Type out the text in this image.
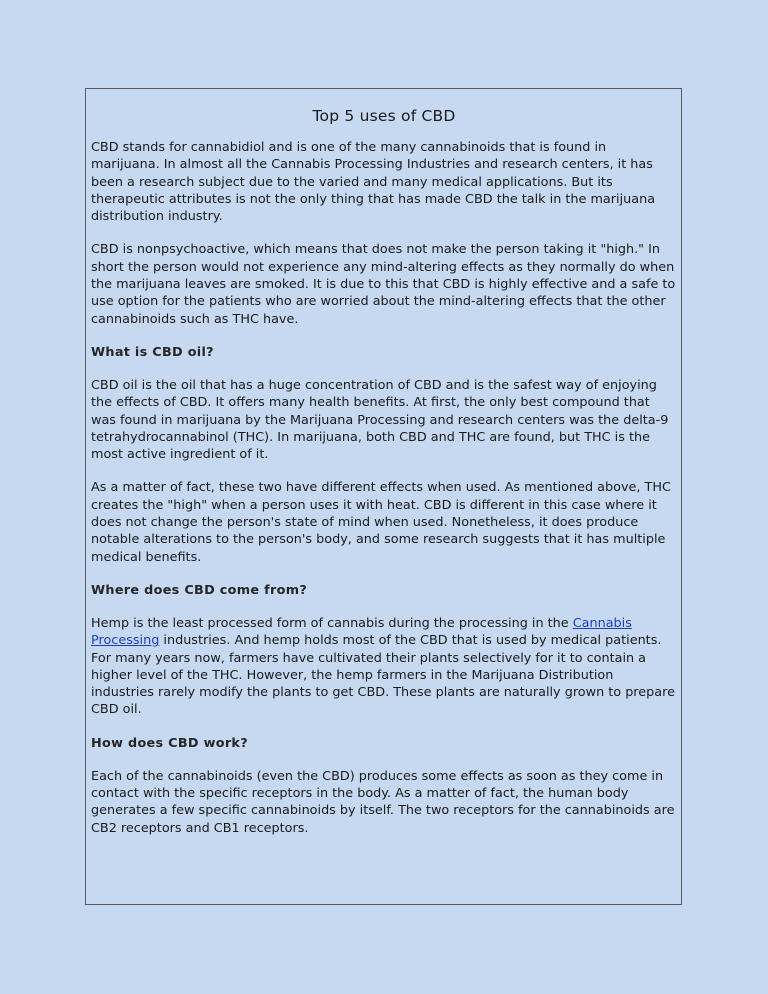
Top 5 uses of CBD

CBD stands for cannabidiol and is one of the many cannabinoids that is found in marijuana. In almost all the Cannabis Processing Industries and research centers, it has been a research subject due to the varied and many medical applications. But its therapeutic attributes is not the only thing that has made CBD the talk in the marijuana distribution industry.

CBD is nonpsychoactive, which means that does not make the person taking it "high." In short the person would not experience any mind-altering effects as they normally do when the marijuana leaves are smoked. It is due to this that CBD is highly effective and a safe to use option for the patients who are worried about the mind-altering effects that the other cannabinoids such as THC have.

What is CBD oil?

CBD oil is the oil that has a huge concentration of CBD and is the safest way of enjoying the effects of CBD. It offers many health benefits. At first, the only best compound that was found in marijuana by the Marijuana Processing and research centers was the delta-9 tetrahydrocannabinol (THC). In marijuana, both CBD and THC are found, but THC is the most active ingredient of it.

As a matter of fact, these two have different effects when used. As mentioned above, THC creates the "high" when a person uses it with heat. CBD is different in this case where it does not change the person's state of mind when used. Nonetheless, it does produce notable alterations to the person's body, and some research suggests that it has multiple medical benefits.

Where does CBD come from?

Hemp is the least processed form of cannabis during the processing in the Cannabis Processing industries. And hemp holds most of the CBD that is used by medical patients. For many years now, farmers have cultivated their plants selectively for it to contain a higher level of the THC. However, the hemp farmers in the Marijuana Distribution industries rarely modify the plants to get CBD. These plants are naturally grown to prepare CBD oil.

How does CBD work?

Each of the cannabinoids (even the CBD) produces some effects as soon as they come in contact with the specific receptors in the body. As a matter of fact, the human body generates a few specific cannabinoids by itself. The two receptors for the cannabinoids are CB2 receptors and CB1 receptors.
